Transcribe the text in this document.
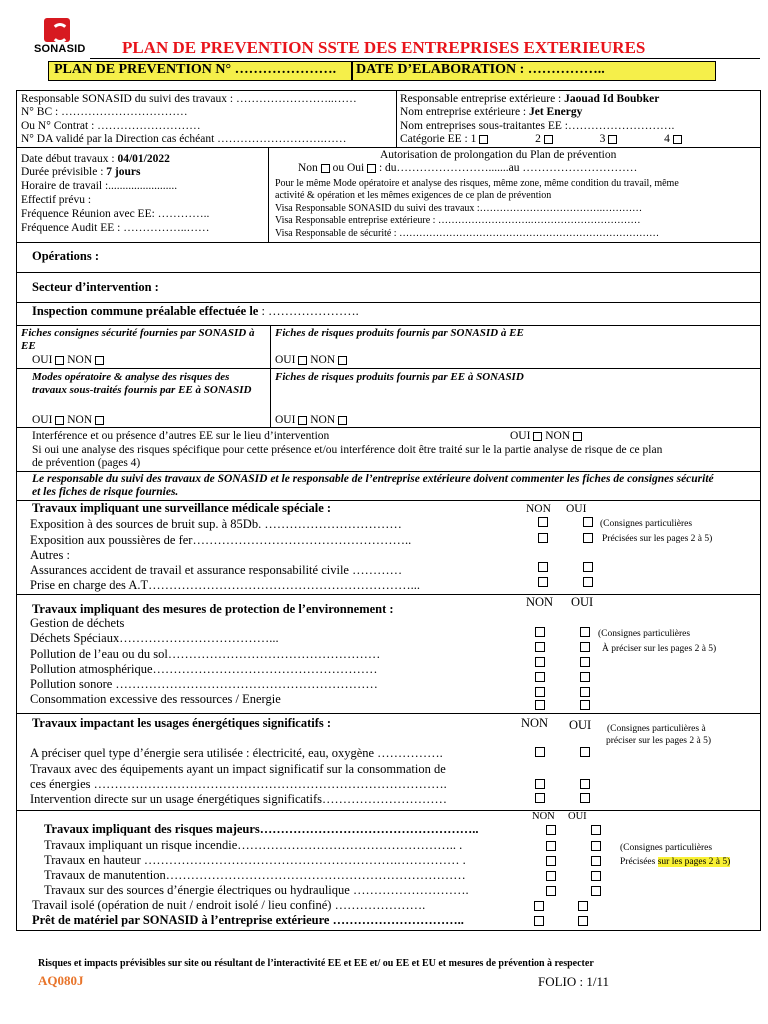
SONASID PLAN DE PREVENTION SSTE DES ENTREPRISES EXTERIEURES
PLAN DE PREVENTION N° …………………. DATE D’ELABORATION : ……………..
Responsable SONASID du suivi des travaux : ……………………..……
N° BC : ……………………………
Ou N° Contrat : ………………………
N° DA validé par la Direction cas échéant ……………………….……
Responsable entreprise extérieure : Jaouad Id Boubker
Nom entreprise extérieure : Jet Energy
Nom entreprises sous-traitantes EE :……………………….
Catégorie EE : 1	2	3	4
Date début travaux : 04/01/2022
Durée prévisible : 7 jours
Horaire de travail :........................
Effectif prévu :
Fréquence Réunion avec EE: …………..
Fréquence Audit EE : ……………..……
Autorisation de prolongation du Plan de prévention
Non ou Oui : du…………………….......au …………………………
Pour le même Mode opératoire et analyse des risques, même zone, même condition du travail, même
activité & opération et les mêmes exigences de ce plan de prévention
Visa Responsable SONASID du suivi des travaux :……………………………….…………
Visa Responsable entreprise extérieure : ……………………….……………………………
Visa Responsable de sécurité : ……………………………………………………………………
Opérations :
Secteur d’intervention :
Inspection commune préalable effectuée le : ………………….
Fiches consignes sécurité fournies par SONASID à EE
OUI NON
Fiches de risques produits fournis par SONASID à EE
OUI NON
Modes opératoire & analyse des risques des travaux sous-traités fournis par EE à SONASID
OUI NON
Fiches de risques produits fournis par EE à SONASID
OUI NON
Interférence et ou présence d’autres EE sur le lieu d’intervention	OUI NON
Si oui une analyse des risques spécifique pour cette présence et/ou interférence doit être traité sur le la partie analyse de risque de ce plan
de prévention (pages 4)
Le responsable du suivi des travaux de SONASID et le responsable de l’entreprise extérieure doivent commenter les fiches de consignes sécurité et les fiches de risque fournies.
Travaux impliquant une surveillance médicale spéciale :	NON OUI
Exposition à des sources de bruit sup. à 85Db. ……………………………
Exposition aux poussières de fer……………………………………………..
Autres :
Assurances accident de travail et assurance responsabilité civile …………
Prise en charge des A.T………………………………………………………...
(Consignes particulières
Précisées sur les pages 2 à 5)
NON OUI
Travaux impliquant des mesures de protection de l’environnement :
Gestion de déchets
Déchets Spéciaux………………………………...
Pollution de l’eau ou du sol……………………………………………
Pollution atmosphérique………………………………………………
Pollution sonore ………………………………………………………
Consommation excessive des ressources / Energie
(Consignes particulières
À préciser sur les pages 2 à 5)
Travaux impactant les usages énergétiques significatifs :	NON OUI (Consignes particulières à
préciser sur les pages 2 à 5)
A préciser quel type d’énergie sera utilisée : électricité, eau, oxygène …………….
Travaux avec des équipements ayant un impact significatif sur la consommation de
ces énergies ………………………………………………………………………….
Intervention directe sur un usage énergétiques significatifs…………………………
NON OUI
Travaux impliquant des risques majeurs……………………………………………..
Travaux impliquant un risque incendie…………………………………………….. .
Travaux en hauteur …………………………………………………….…………… .
Travaux de manutention………………………………………………………………
Travaux sur des sources d’énergie électriques ou hydraulique ……………………….
Travail isolé (opération de nuit / endroit isolé / lieu confiné) ………………….
Prêt de matériel par SONASID à l’entreprise extérieure …………………………..
(Consignes particulières
Précisées sur les pages 2 à 5)
Risques et impacts prévisibles sur site ou résultant de l’interactivité EE et EE et/ ou EE et EU et mesures de prévention à respecter
AQ080J	FOLIO : 1/11
